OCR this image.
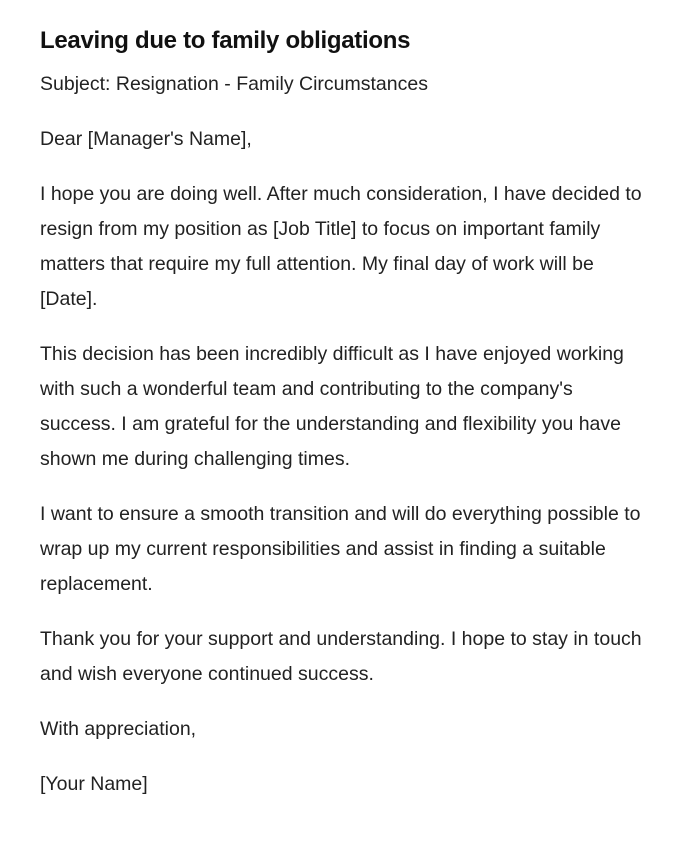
Leaving due to family obligations

Subject: Resignation - Family Circumstances

Dear [Manager's Name],

I hope you are doing well. After much consideration, I have decided to resign from my position as [Job Title] to focus on important family matters that require my full attention. My final day of work will be [Date].

This decision has been incredibly difficult as I have enjoyed working with such a wonderful team and contributing to the company's success. I am grateful for the understanding and flexibility you have shown me during challenging times.

I want to ensure a smooth transition and will do everything possible to wrap up my current responsibilities and assist in finding a suitable replacement.

Thank you for your support and understanding. I hope to stay in touch and wish everyone continued success.

With appreciation,

[Your Name]
